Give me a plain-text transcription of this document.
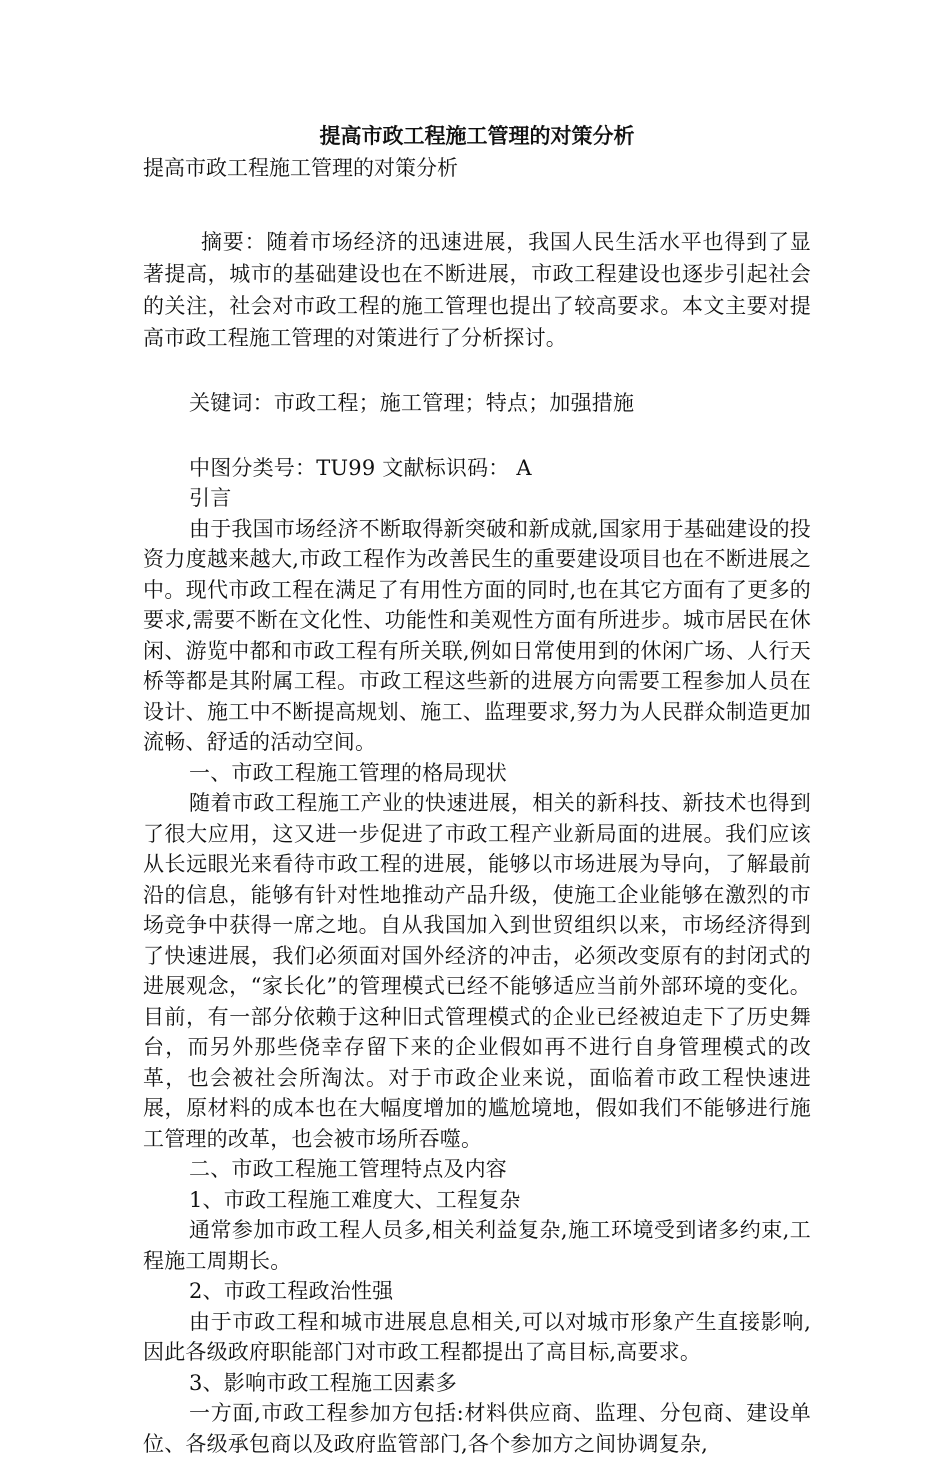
提高市政工程施工管理的对策分析

提高市政工程施工管理的对策分析

摘要：随着市场经济的迅速进展，我国人民生活水平也得到了显著提高，城市的基础建设也在不断进展，市政工程建设也逐步引起社会的关注，社会对市政工程的施工管理也提出了较高要求。本文主要对提高市政工程施工管理的对策进行了分析探讨。

关键词：市政工程；施工管理；特点；加强措施

中图分类号：TU99 文献标识码： A

引言

由于我国市场经济不断取得新突破和新成就,国家用于基础建设的投资力度越来越大,市政工程作为改善民生的重要建设项目也在不断进展之中。现代市政工程在满足了有用性方面的同时,也在其它方面有了更多的要求,需要不断在文化性、功能性和美观性方面有所进步。城市居民在休闲、游览中都和市政工程有所关联,例如日常使用到的休闲广场、人行天桥等都是其附属工程。市政工程这些新的进展方向需要工程参加人员在设计、施工中不断提高规划、施工、监理要求,努力为人民群众制造更加流畅、舒适的活动空间。

一、市政工程施工管理的格局现状

随着市政工程施工产业的快速进展，相关的新科技、新技术也得到了很大应用，这又进一步促进了市政工程产业新局面的进展。我们应该从长远眼光来看待市政工程的进展，能够以市场进展为导向，了解最前沿的信息，能够有针对性地推动产品升级，使施工企业能够在激烈的市场竞争中获得一席之地。自从我国加入到世贸组织以来，市场经济得到了快速进展，我们必须面对国外经济的冲击，必须改变原有的封闭式的进展观念，“家长化”的管理模式已经不能够适应当前外部环境的变化。目前，有一部分依赖于这种旧式管理模式的企业已经被迫走下了历史舞台，而另外那些侥幸存留下来的企业假如再不进行自身管理模式的改革，也会被社会所淘汰。对于市政企业来说，面临着市政工程快速进展，原材料的成本也在大幅度增加的尴尬境地，假如我们不能够进行施工管理的改革，也会被市场所吞噬。

二、市政工程施工管理特点及内容

1、市政工程施工难度大、工程复杂

通常参加市政工程人员多,相关利益复杂,施工环境受到诸多约束,工程施工周期长。

2、市政工程政治性强

由于市政工程和城市进展息息相关,可以对城市形象产生直接影响,因此各级政府职能部门对市政工程都提出了高目标,高要求。

3、影响市政工程施工因素多

一方面,市政工程参加方包括:材料供应商、监理、分包商、建设单位、各级承包商以及政府监管部门,各个参加方之间协调复杂,
